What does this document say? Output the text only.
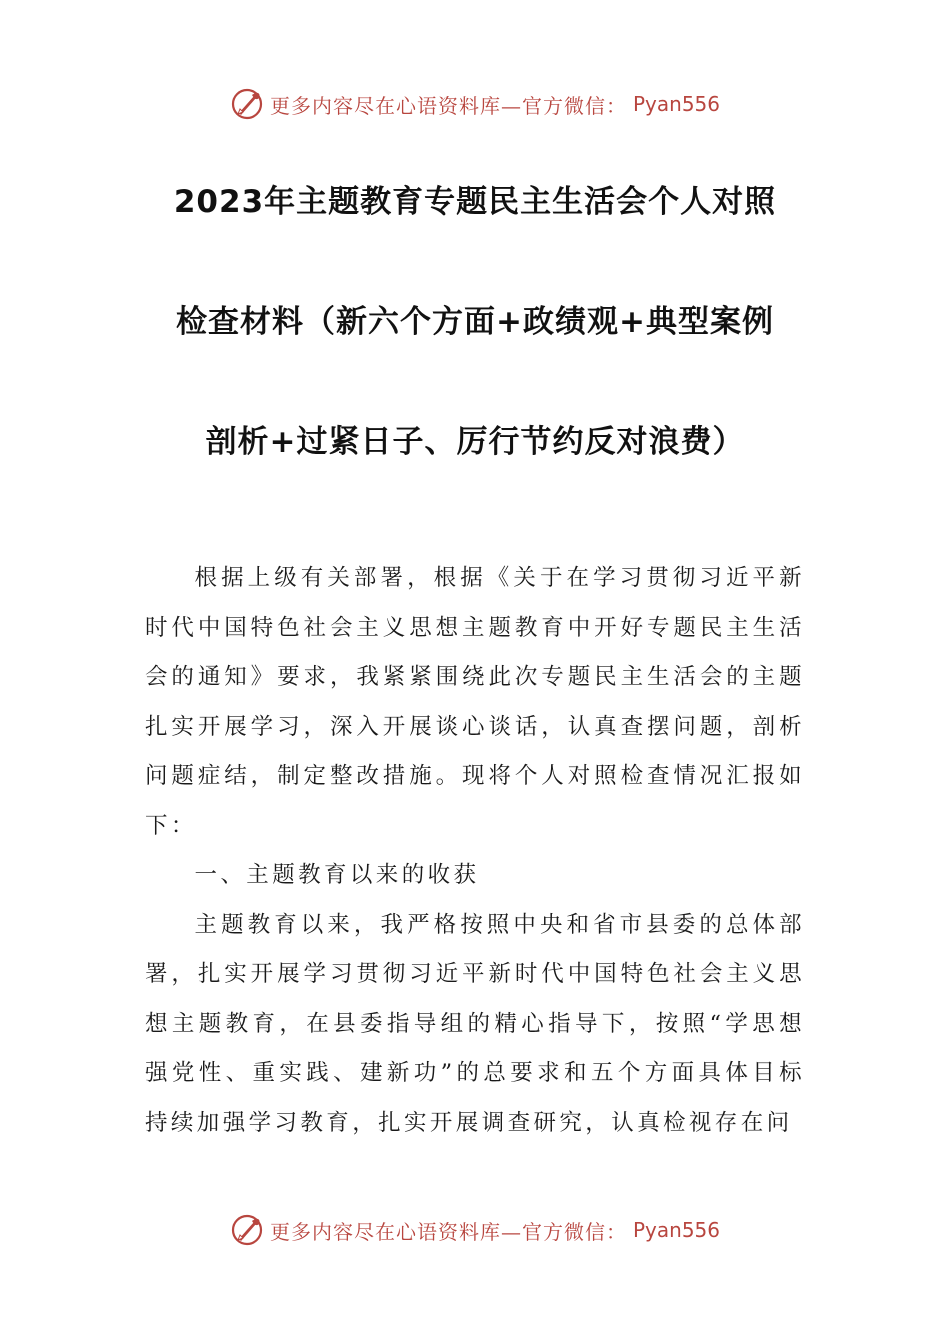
更多内容尽在心语资料库—官方微信： Pyan556
2023年主题教育专题民主生活会个人对照
检查材料（新六个方面+政绩观+典型案例
剖析+过紧日子、厉行节约反对浪费）

根据上级有关部署，根据《关于在学习贯彻习近平新时代中国特色社会主义思想主题教育中开好专题民主生活会的通知》要求，我紧紧围绕此次专题民主生活会的主题扎实开展学习，深入开展谈心谈话，认真查摆问题，剖析问题症结，制定整改措施。现将个人对照检查情况汇报如下：

一、主题教育以来的收获

主题教育以来，我严格按照中央和省市县委的总体部署，扎实开展学习贯彻习近平新时代中国特色社会主义思想主题教育，在县委指导组的精心指导下，按照“学思想强党性、重实践、建新功”的总要求和五个方面具体目标持续加强学习教育，扎实开展调查研究，认真检视存在问

更多内容尽在心语资料库—官方微信： Pyan556
